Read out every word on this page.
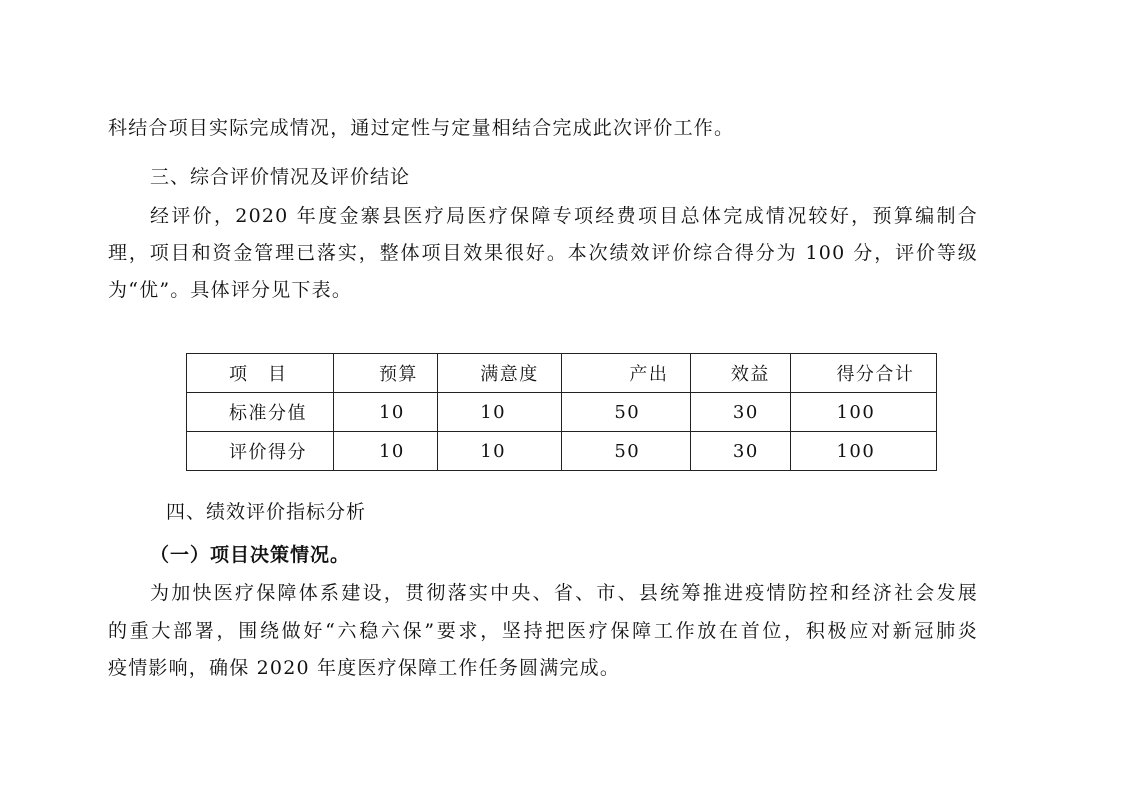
科结合项目实际完成情况，通过定性与定量相结合完成此次评价工作。
三、综合评价情况及评价结论
经评价，2020 年度金寨县医疗局医疗保障专项经费项目总体完成情况较好，预算编制合
理，项目和资金管理已落实，整体项目效果很好。本次绩效评价综合得分为 100 分，评价等级
为“优”。具体评分见下表。
项　目	预算	满意度	产出	效益	得分合计
标准分值	10	10	50	30	100
评价得分	10	10	50	30	100
四、绩效评价指标分析
（一）项目决策情况。
为加快医疗保障体系建设，贯彻落实中央、省、市、县统筹推进疫情防控和经济社会发展
的重大部署，围绕做好“六稳六保”要求，坚持把医疗保障工作放在首位，积极应对新冠肺炎
疫情影响，确保 2020 年度医疗保障工作任务圆满完成。
